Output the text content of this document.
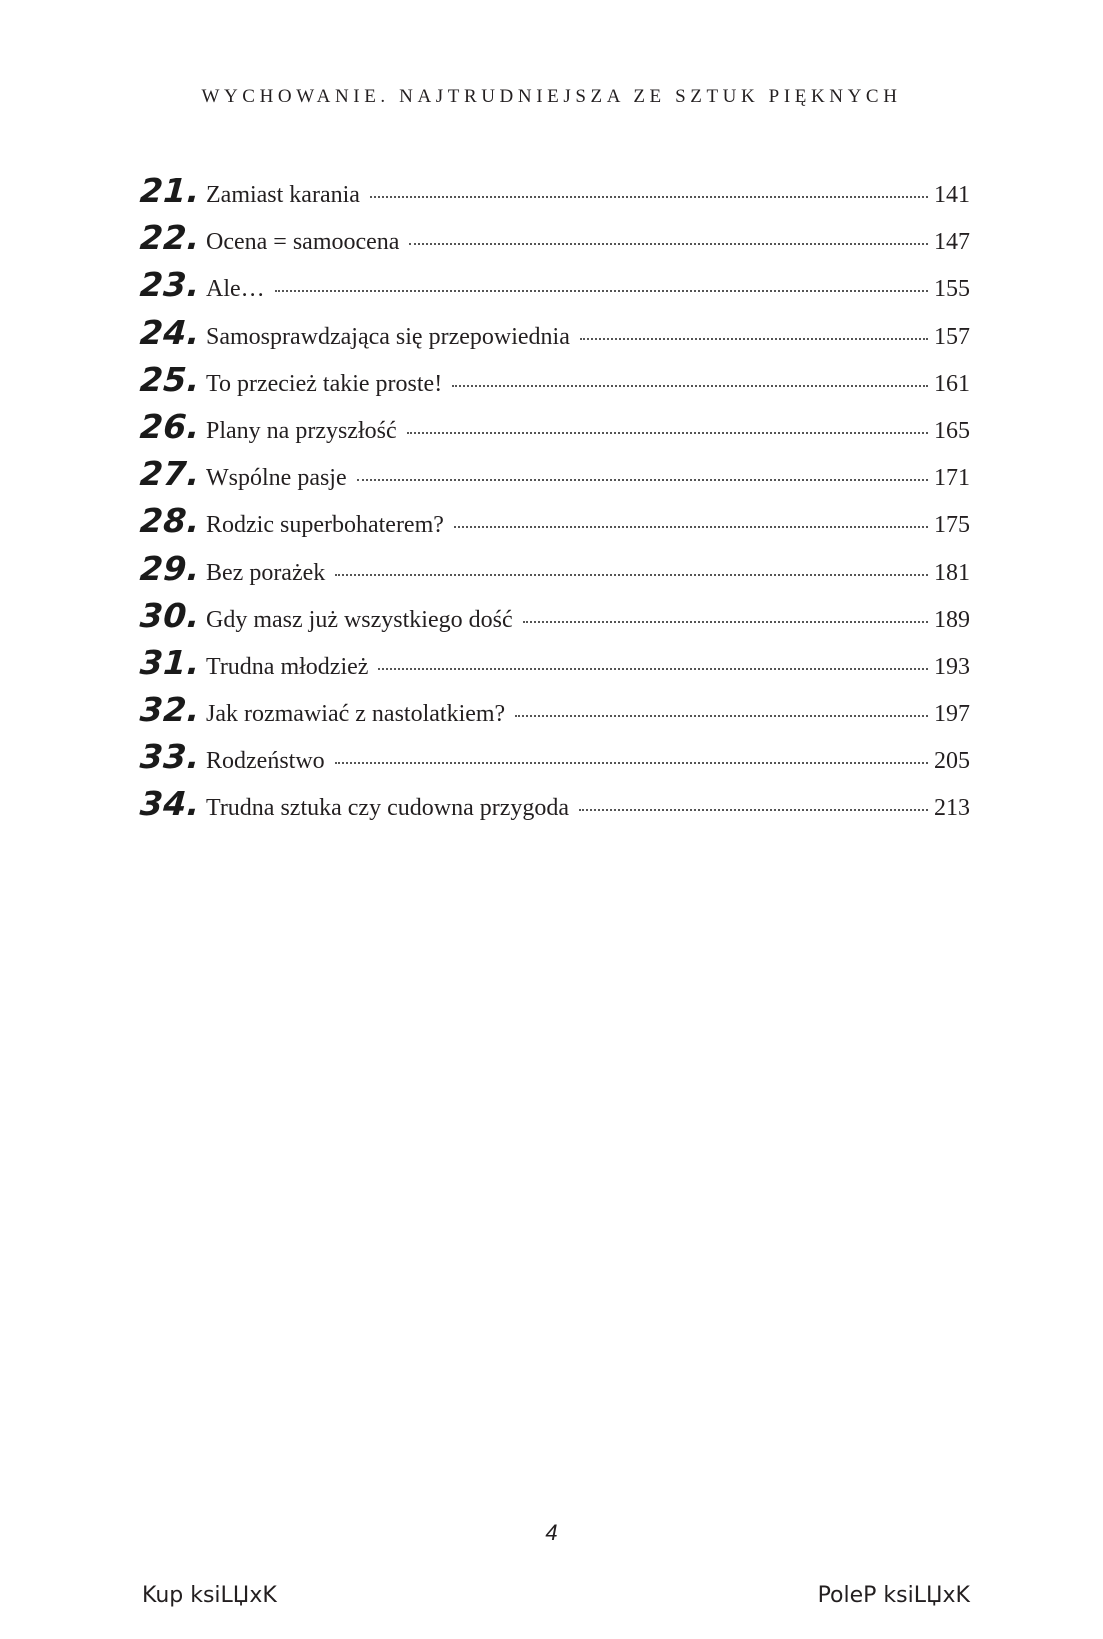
WYCHOWANIE. NAJTRUDNIEJSZA ZE SZTUK PIĘKNYCH
21. Zamiast karania	141
22. Ocena = samoocena	147
23. Ale…	155
24. Samosprawdzająca się przepowiednia	157
25. To przecież takie proste!	161
26. Plany na przyszłość	165
27. Wspólne pasje	171
28. Rodzic superbohaterem?	175
29. Bez porażek	181
30. Gdy masz już wszystkiego dość	189
31. Trudna młodzież	193
32. Jak rozmawiać z nastolatkiem?	197
33. Rodzeństwo	205
34. Trudna sztuka czy cudowna przygoda	213
4
Kup ksiLЏxK	PoleP ksiLЏxK
